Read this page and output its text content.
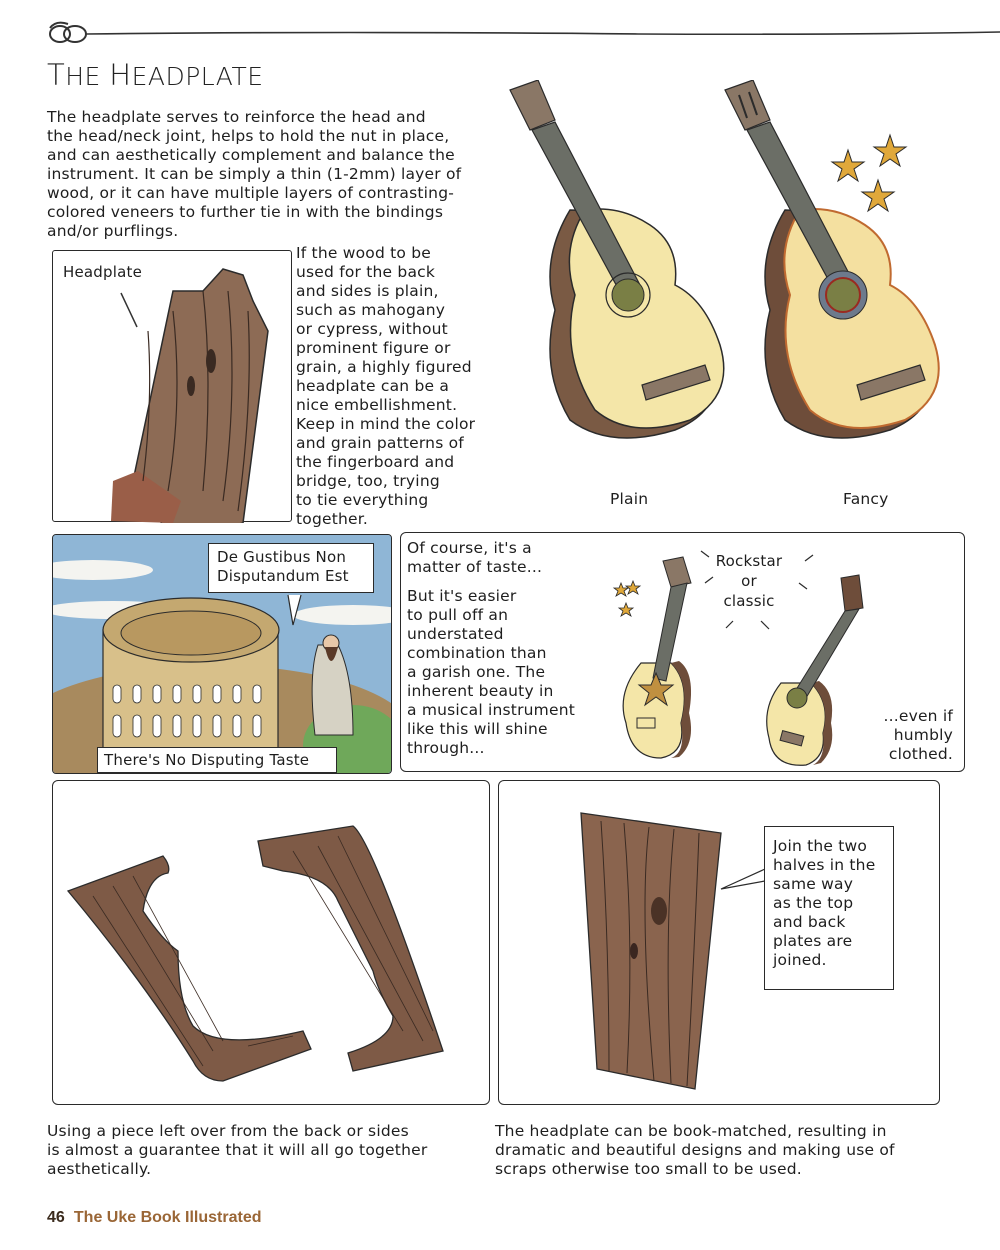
THE HEADPLATE

The headplate serves to reinforce the head and

the head/neck joint, helps to hold the nut in place,

and can aesthetically complement and balance the

instrument. It can be simply a thin (1-2mm) layer of

wood, or it can have multiple layers of contrasting-

colored veneers to further tie in with the bindings

and/or purflings.

Headplate

If the wood to be

used for the back

and sides is plain,

such as mahogany

or cypress, without

prominent figure or

grain, a highly figured

headplate can be a

nice embellishment.

Keep in mind the color

and grain patterns of

the fingerboard and

bridge, too, trying

to tie everything

together.

Plain	Fancy

De Gustibus Non

Disputandum Est

There's No Disputing Taste

Of course, it's a

matter of taste...

But it's easier

to pull off an

understated

combination than

a garish one. The

inherent beauty in

a musical instrument

like this will shine

through...

Rockstar

or

classic

...even if

humbly

clothed.

Join the two

halves in the

same way

as the top

and back

plates are

joined.

Using a piece left over from the back or sides

is almost a guarantee that it will all go together

aesthetically.

The headplate can be book-matched, resulting in

dramatic and beautiful designs and making use of

scraps otherwise too small to be used.

46 The Uke Book Illustrated
